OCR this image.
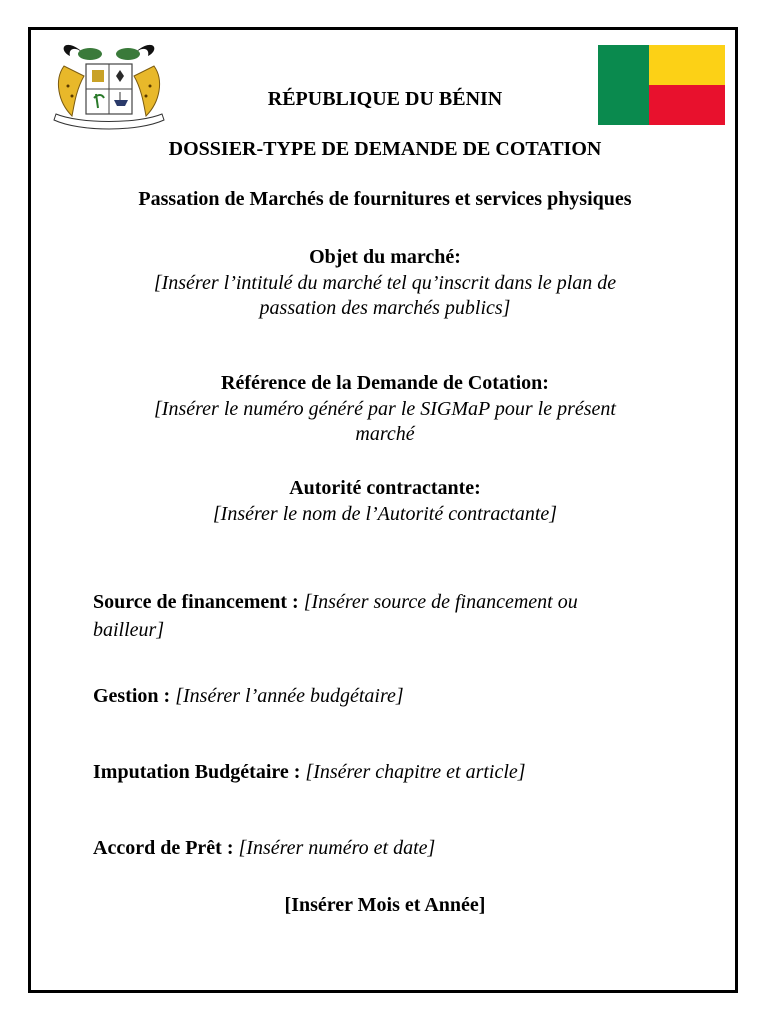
RÉPUBLIQUE DU BÉNIN
DOSSIER-TYPE DE DEMANDE DE COTATION
Passation de Marchés de fournitures et services physiques
Objet du marché:
[Insérer l’intitulé du marché tel qu’inscrit dans le plan de
passation des marchés publics]
Référence de la Demande de Cotation:
[Insérer le numéro généré par le SIGMaP pour le présent
marché
Autorité contractante:
[Insérer le nom de l’Autorité contractante]
Source de financement : [Insérer source de financement ou
bailleur]
Gestion : [Insérer l’année budgétaire]
Imputation Budgétaire : [Insérer chapitre et article]
Accord de Prêt : [Insérer numéro et date]
[Insérer Mois et Année]
